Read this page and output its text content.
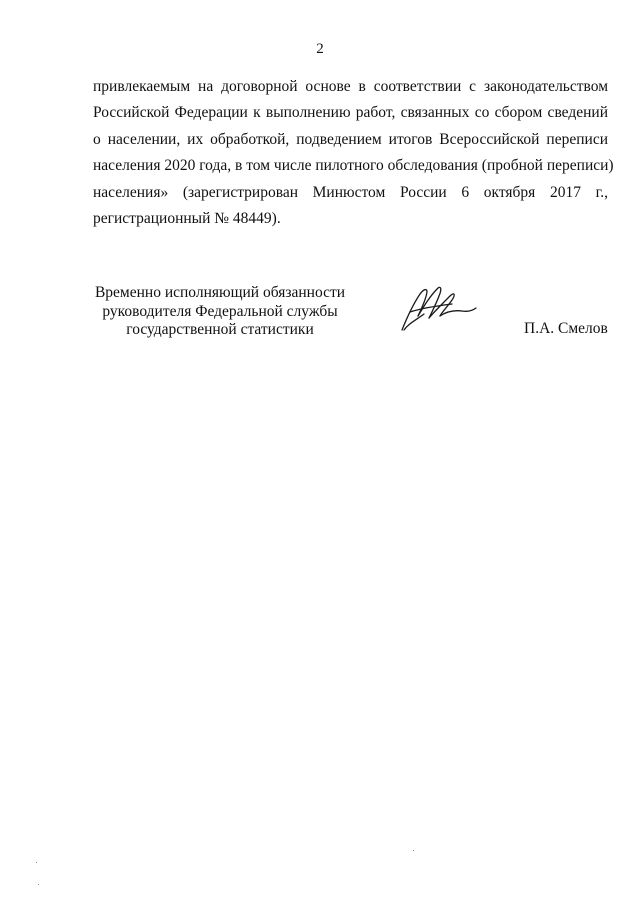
2
привлекаемым на договорной основе в соответствии с законодательством
Российской Федерации к выполнению работ, связанных со сбором сведений
о населении, их обработкой, подведением итогов Всероссийской переписи
населения 2020 года, в том числе пилотного обследования (пробной переписи)
населения» (зарегистрирован Минюстом России 6 октября 2017 г.,
регистрационный № 48449).
Временно исполняющий обязанности
руководителя Федеральной службы
государственной статистики	П.А. Смелов
